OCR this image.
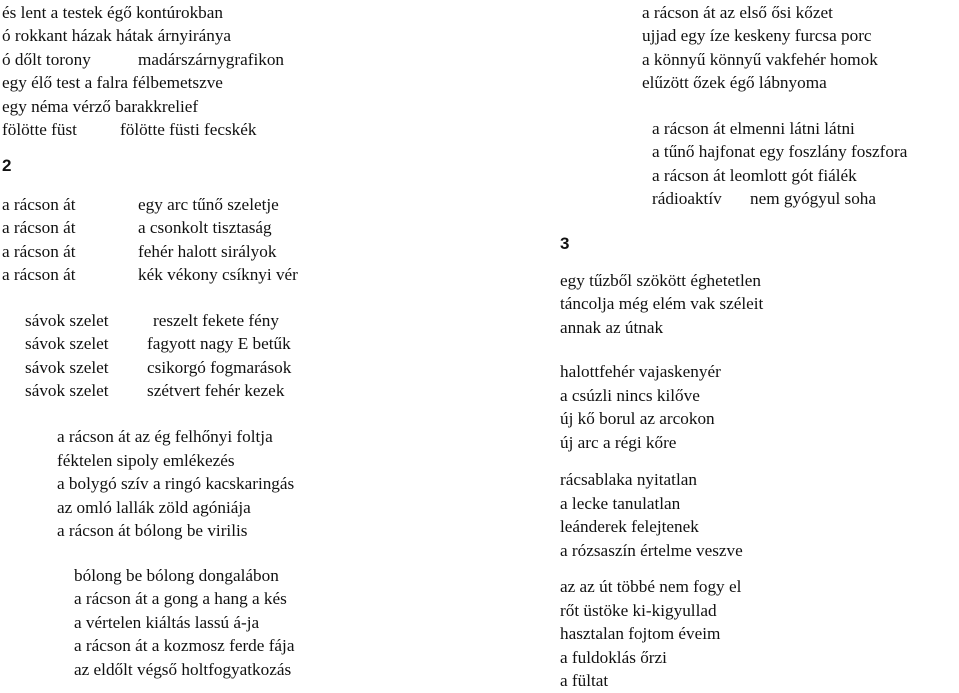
és lent a testek égő kontúrokban

ó rokkant házak hátak árnyiránya

ó dőlt torony	madárszárnygrafikon

egy élő test a falra félbemetszve

egy néma vérző barakkrelief

fölötte füst	fölötte füsti fecskék

2

a rácson át

a rácson át

a rácson át

a rácson át

egy arc tűnő szeletje

a csonkolt tisztaság

fehér halott sirályok

kék vékony csíknyi vér

sávok szelet

sávok szelet

sávok szelet

sávok szelet

reszelt fekete fény

fagyott nagy E betűk

csikorgó fogmarások

szétvert fehér kezek

a rácson át az ég felhőnyi foltja

féktelen sipoly emlékezés

a bolygó szív a ringó kacskaringás

az omló lallák zöld agóniája

a rácson át bólong be virilis

bólong be bólong dongalábon

a rácson át a gong a hang a kés

a vértelen kiáltás lassú á-ja

a rácson át a kozmosz ferde fája

az eldőlt végső holtfogyatkozás

a rácson át az első ősi kőzet

ujjad egy íze keskeny furcsa porc

a könnyű könnyű vakfehér homok

elűzött őzek égő lábnyoma

a rácson át elmenni látni látni

a tűnő hajfonat egy foszlány foszfora

a rácson át leomlott gót fiálék

rádioaktív nem gyógyul soha

3

egy tűzből szökött éghetetlen

táncolja még elém vak széleit

annak az útnak

halottfehér vajaskenyér

a csúzli nincs kilőve

új kő borul az arcokon

új arc a régi kőre

rácsablaka nyitatlan

a lecke tanulatlan

leánderek felejtenek

a rózsaszín értelme veszve

az az út többé nem fogy el

rőt üstöke ki-kigyullad

hasztalan fojtom éveim

a fuldoklás őrzi

a fültat
